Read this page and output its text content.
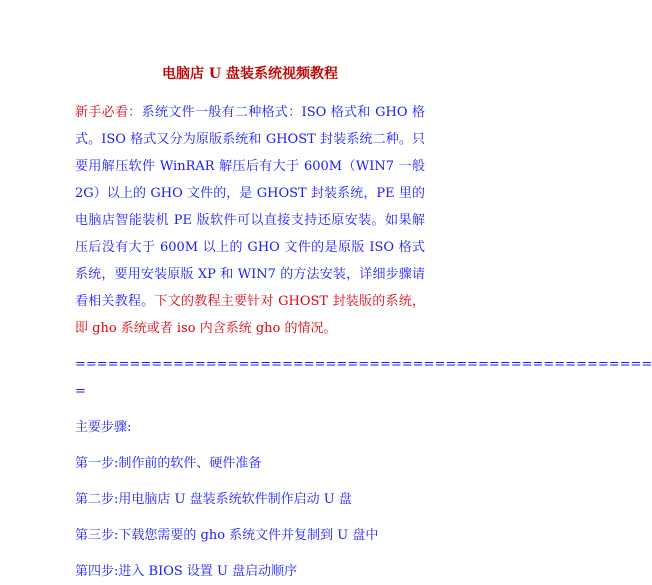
电脑店 U 盘装系统视频教程
新手必看：系统文件一般有二种格式：ISO 格式和 GHO 格式。ISO 格式又分为原版系统和 GHOST 封装系统二种。只要用解压软件 WinRAR 解压后有大于 600M（WIN7 一般 2G）以上的 GHO 文件的，是 GHOST 封装系统，PE 里的电脑店智能装机 PE 版软件可以直接支持还原安装。如果解压后没有大于 600M 以上的 GHO 文件的是原版 ISO 格式系统，要用安装原版 XP 和 WIN7 的方法安装，详细步骤请看相关教程。下文的教程主要针对 GHOST 封装版的系统，即 gho 系统或者 iso 内含系统 gho 的情况。
=====================================================
=
主要步骤:
第一步:制作前的软件、硬件准备
第二步:用电脑店 U 盘装系统软件制作启动 U 盘
第三步:下载您需要的 gho 系统文件并复制到 U 盘中
第四步:进入 BIOS 设置 U 盘启动顺序
